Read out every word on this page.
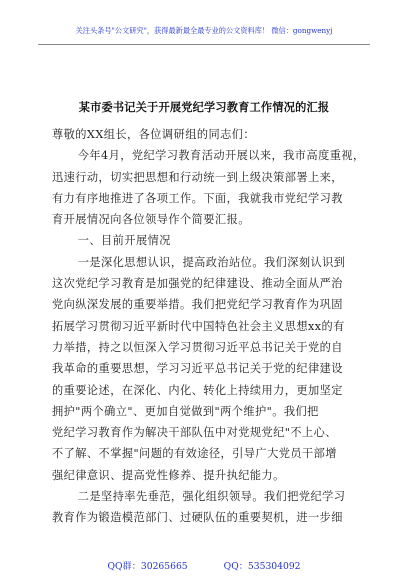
关注头条号"公文研究"，获得最新最全最专业的公文资料库！ 微信：gongwenyj
某市委书记关于开展党纪学习教育工作情况的汇报

尊敬的XX组长，各位调研组的同志们：

今年4月，党纪学习教育活动开展以来，我市高度重视，

迅速行动，切实把思想和行动统一到上级决策部署上来，

有力有序地推进了各项工作。下面，我就我市党纪学习教

育开展情况向各位领导作个简要汇报。

一、目前开展情况

一是深化思想认识，提高政治站位。我们深刻认识到

这次党纪学习教育是加强党的纪律建设、推动全面从严治

党向纵深发展的重要举措。我们把党纪学习教育作为巩固

拓展学习贯彻习近平新时代中国特色社会主义思想xx的有

力举措，持之以恒深入学习贯彻习近平总书记关于党的自

我革命的重要思想，学习习近平总书记关于党的纪律建设

的重要论述，在深化、内化、转化上持续用力，更加坚定

拥护"两个确立"、更加自觉做到"两个维护"。我们把

党纪学习教育作为解决干部队伍中对党规党纪"不上心、

不了解、不掌握"问题的有效途径，引导广大党员干部增

强纪律意识、提高党性修养、提升执纪能力。

二是坚持率先垂范，强化组织领导。我们把党纪学习

教育作为锻造模范部门、过硬队伍的重要契机，进一步细

QQ群：30265665	QQ：535304092
